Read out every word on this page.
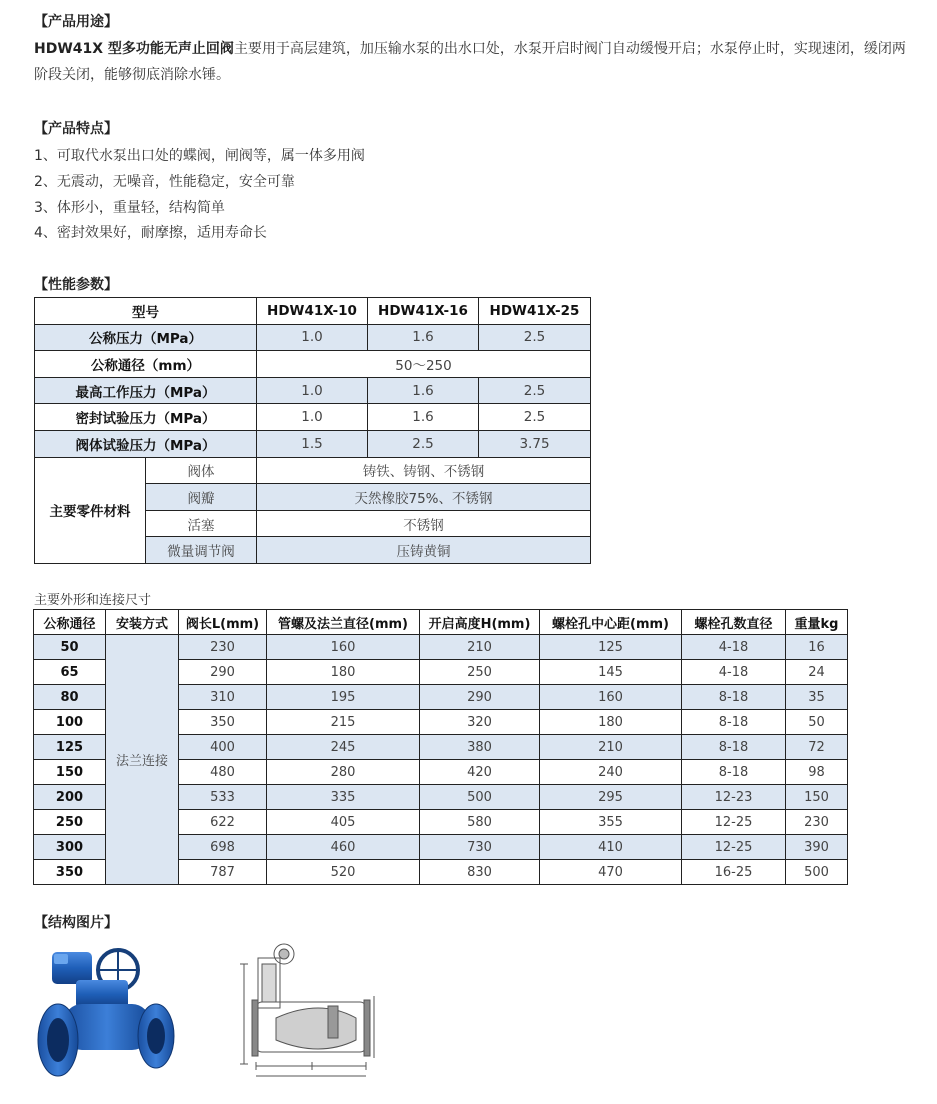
【产品用途】
HDW41X 型多功能无声止回阀主要用于高层建筑，加压输水泵的出水口处，水泵开启时阀门自动缓慢开启；水泵停止时，实现速闭，缓闭两阶段关闭，能够彻底消除水锤。
【产品特点】
1、可取代水泵出口处的蝶阀，闸阀等，属一体多用阀
2、无震动，无噪音，性能稳定，安全可靠
3、体形小，重量轻，结构简单
4、密封效果好，耐摩擦，适用寿命长
【性能参数】
型号		HDW41X-10	HDW41X-16	HDW41X-25
公称压力（MPa）		1.0	1.6	2.5
公称通径（mm）		50～250		
最高工作压力（MPa）		1.0	1.6	2.5
密封试验压力（MPa）		1.0	1.6	2.5
阀体试验压力（MPa）		1.5	2.5	3.75
主要零件材料	阀体	铸铁、铸钢、不锈钢		
	阀瓣	天然橡胶75%、不锈钢		
	活塞	不锈钢		
	微量调节阀	压铸黄铜		
主要外形和连接尺寸
公称通径	安装方式	阀长L(mm)	管螺及法兰直径(mm)	开启高度H(mm)	螺栓孔中心距(mm)	螺栓孔数直径	重量kg
50	法兰连接	230	160	210	125	4-18	16
65		290	180	250	145	4-18	24
80		310	195	290	160	8-18	35
100		350	215	320	180	8-18	50
125		400	245	380	210	8-18	72
150		480	280	420	240	8-18	98
200		533	335	500	295	12-23	150
250		622	405	580	355	12-25	230
300		698	460	730	410	12-25	390
350		787	520	830	470	16-25	500
【结构图片】
